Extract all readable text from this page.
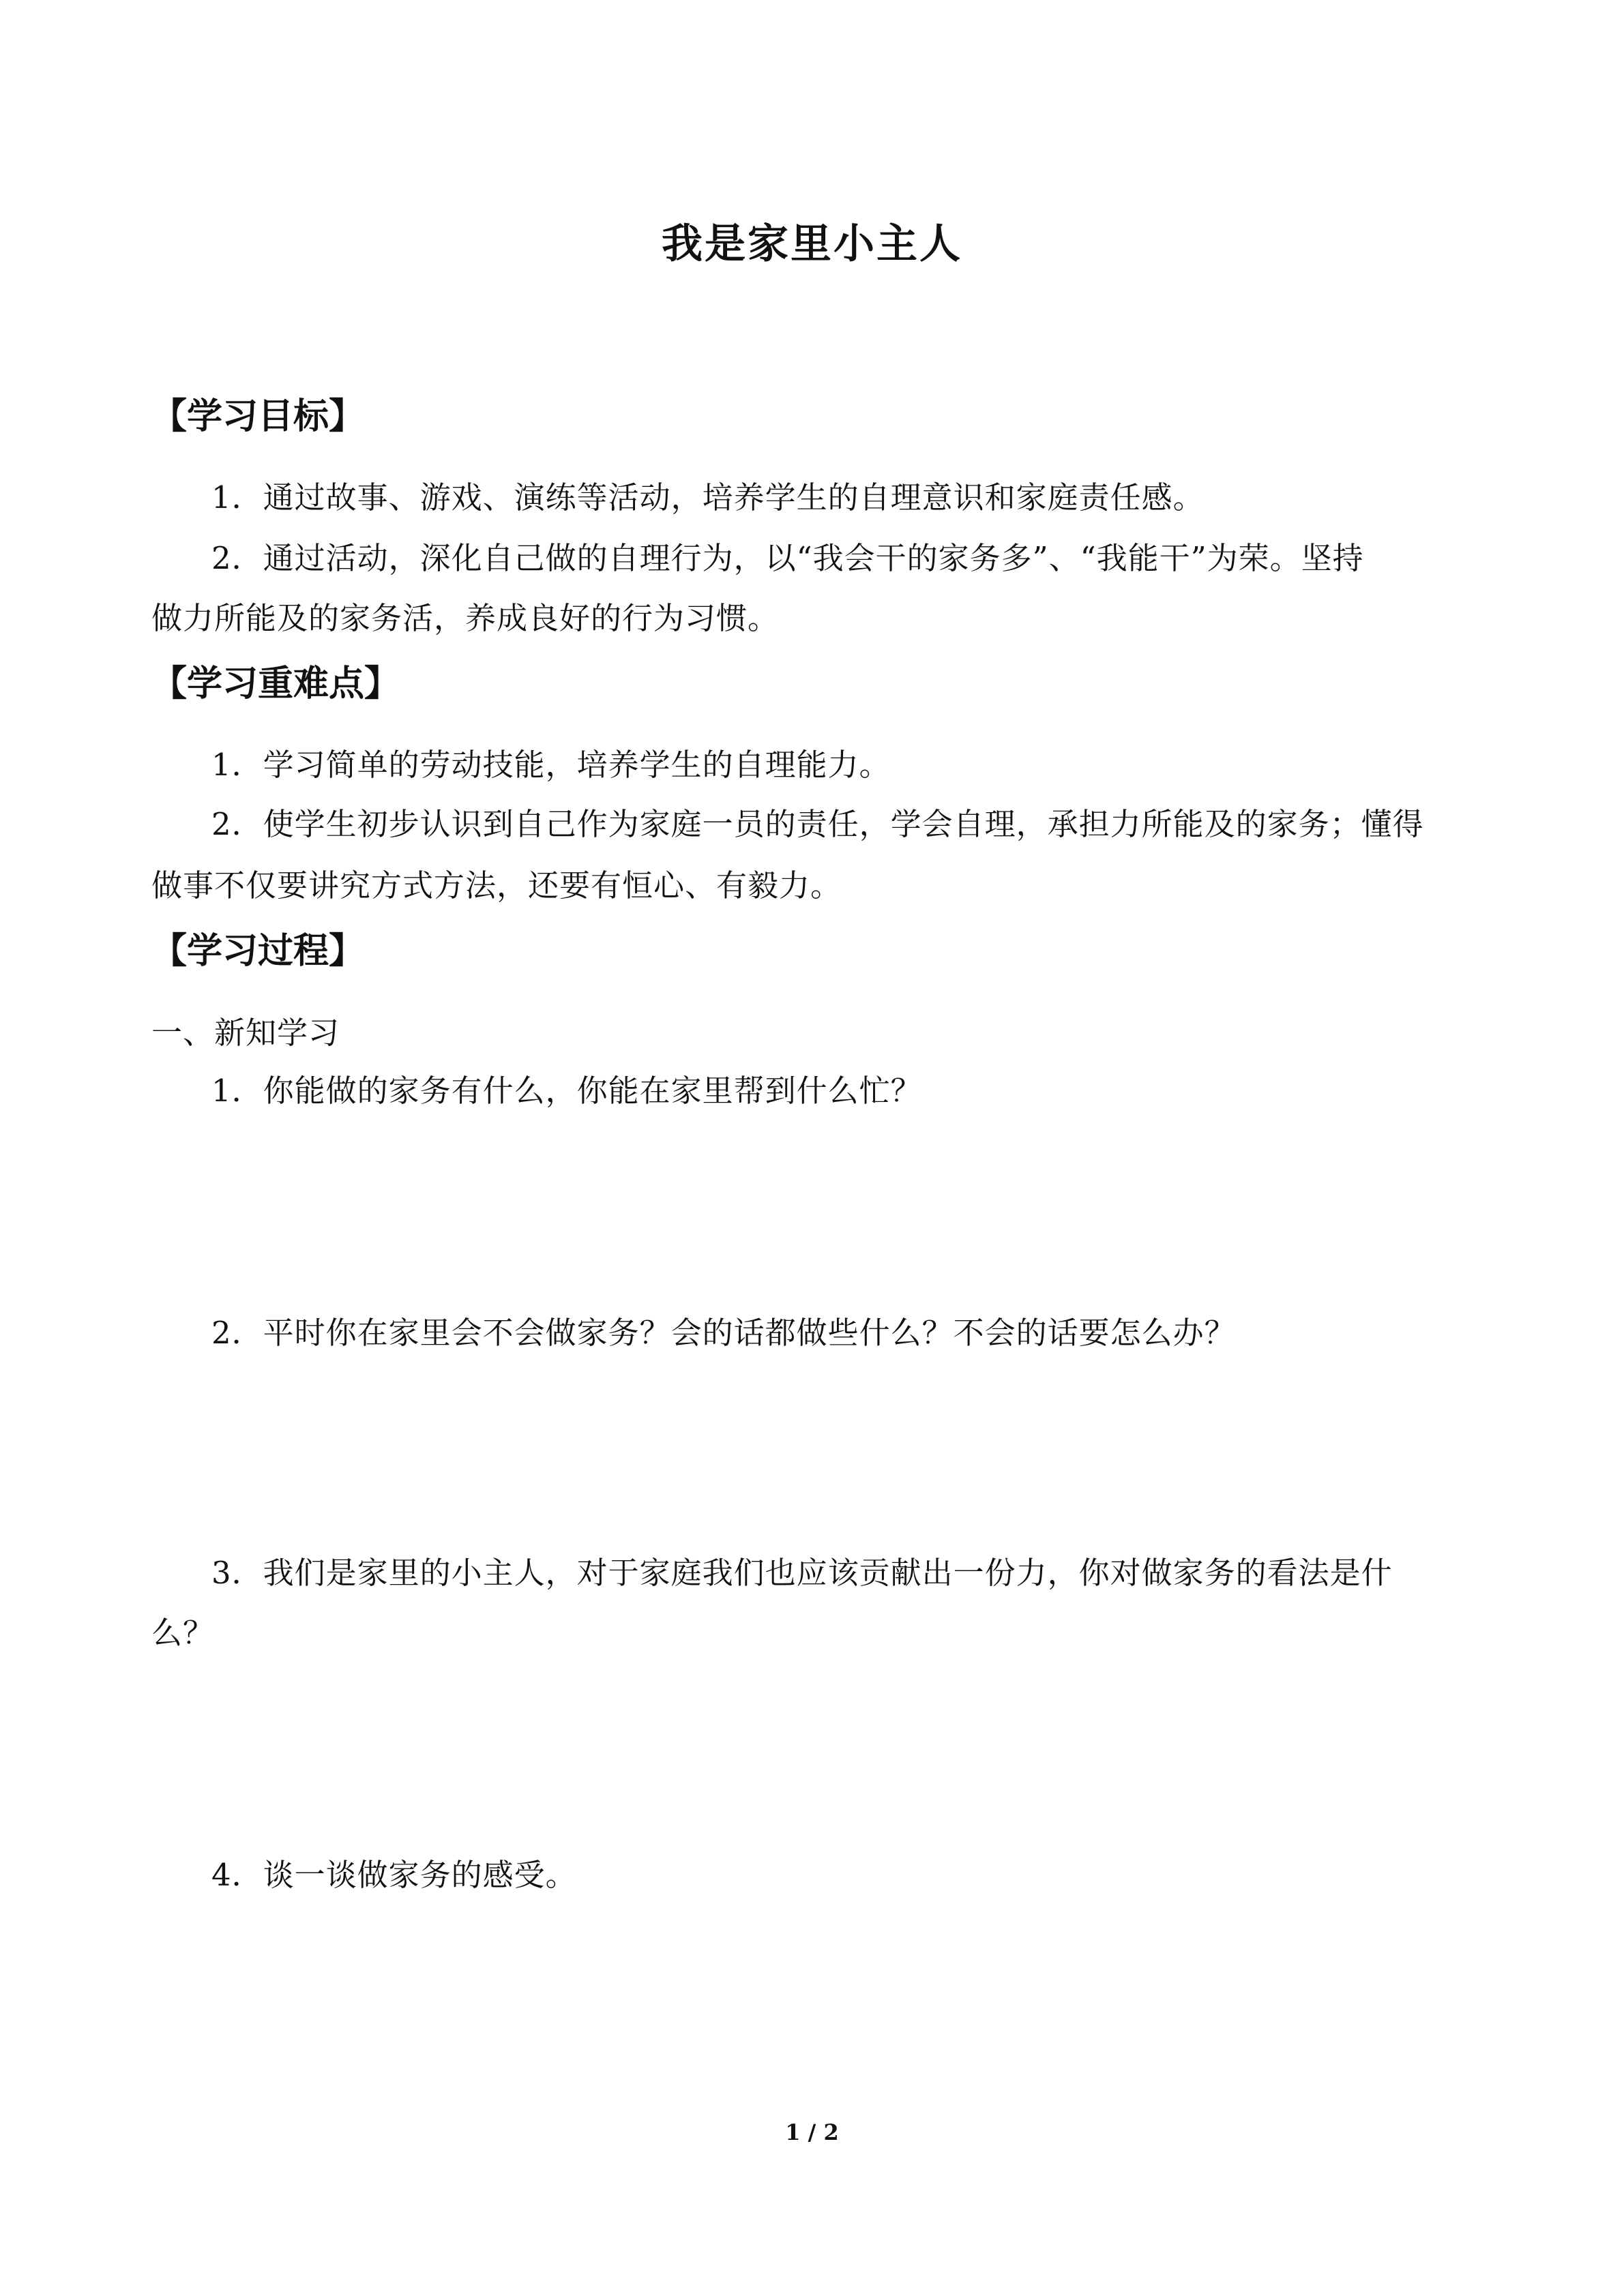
我是家里小主人
【学习目标】
1．通过故事、游戏、演练等活动，培养学生的自理意识和家庭责任感。
2．通过活动，深化自己做的自理行为，以“我会干的家务多”、“我能干”为荣。坚持
做力所能及的家务活，养成良好的行为习惯。
【学习重难点】
1．学习简单的劳动技能，培养学生的自理能力。
2．使学生初步认识到自己作为家庭一员的责任，学会自理，承担力所能及的家务；懂得
做事不仅要讲究方式方法，还要有恒心、有毅力。
【学习过程】
一、新知学习
1．你能做的家务有什么，你能在家里帮到什么忙？
2．平时你在家里会不会做家务？会的话都做些什么？不会的话要怎么办？
3．我们是家里的小主人，对于家庭我们也应该贡献出一份力，你对做家务的看法是什
么？
4．谈一谈做家务的感受。
1 / 2
